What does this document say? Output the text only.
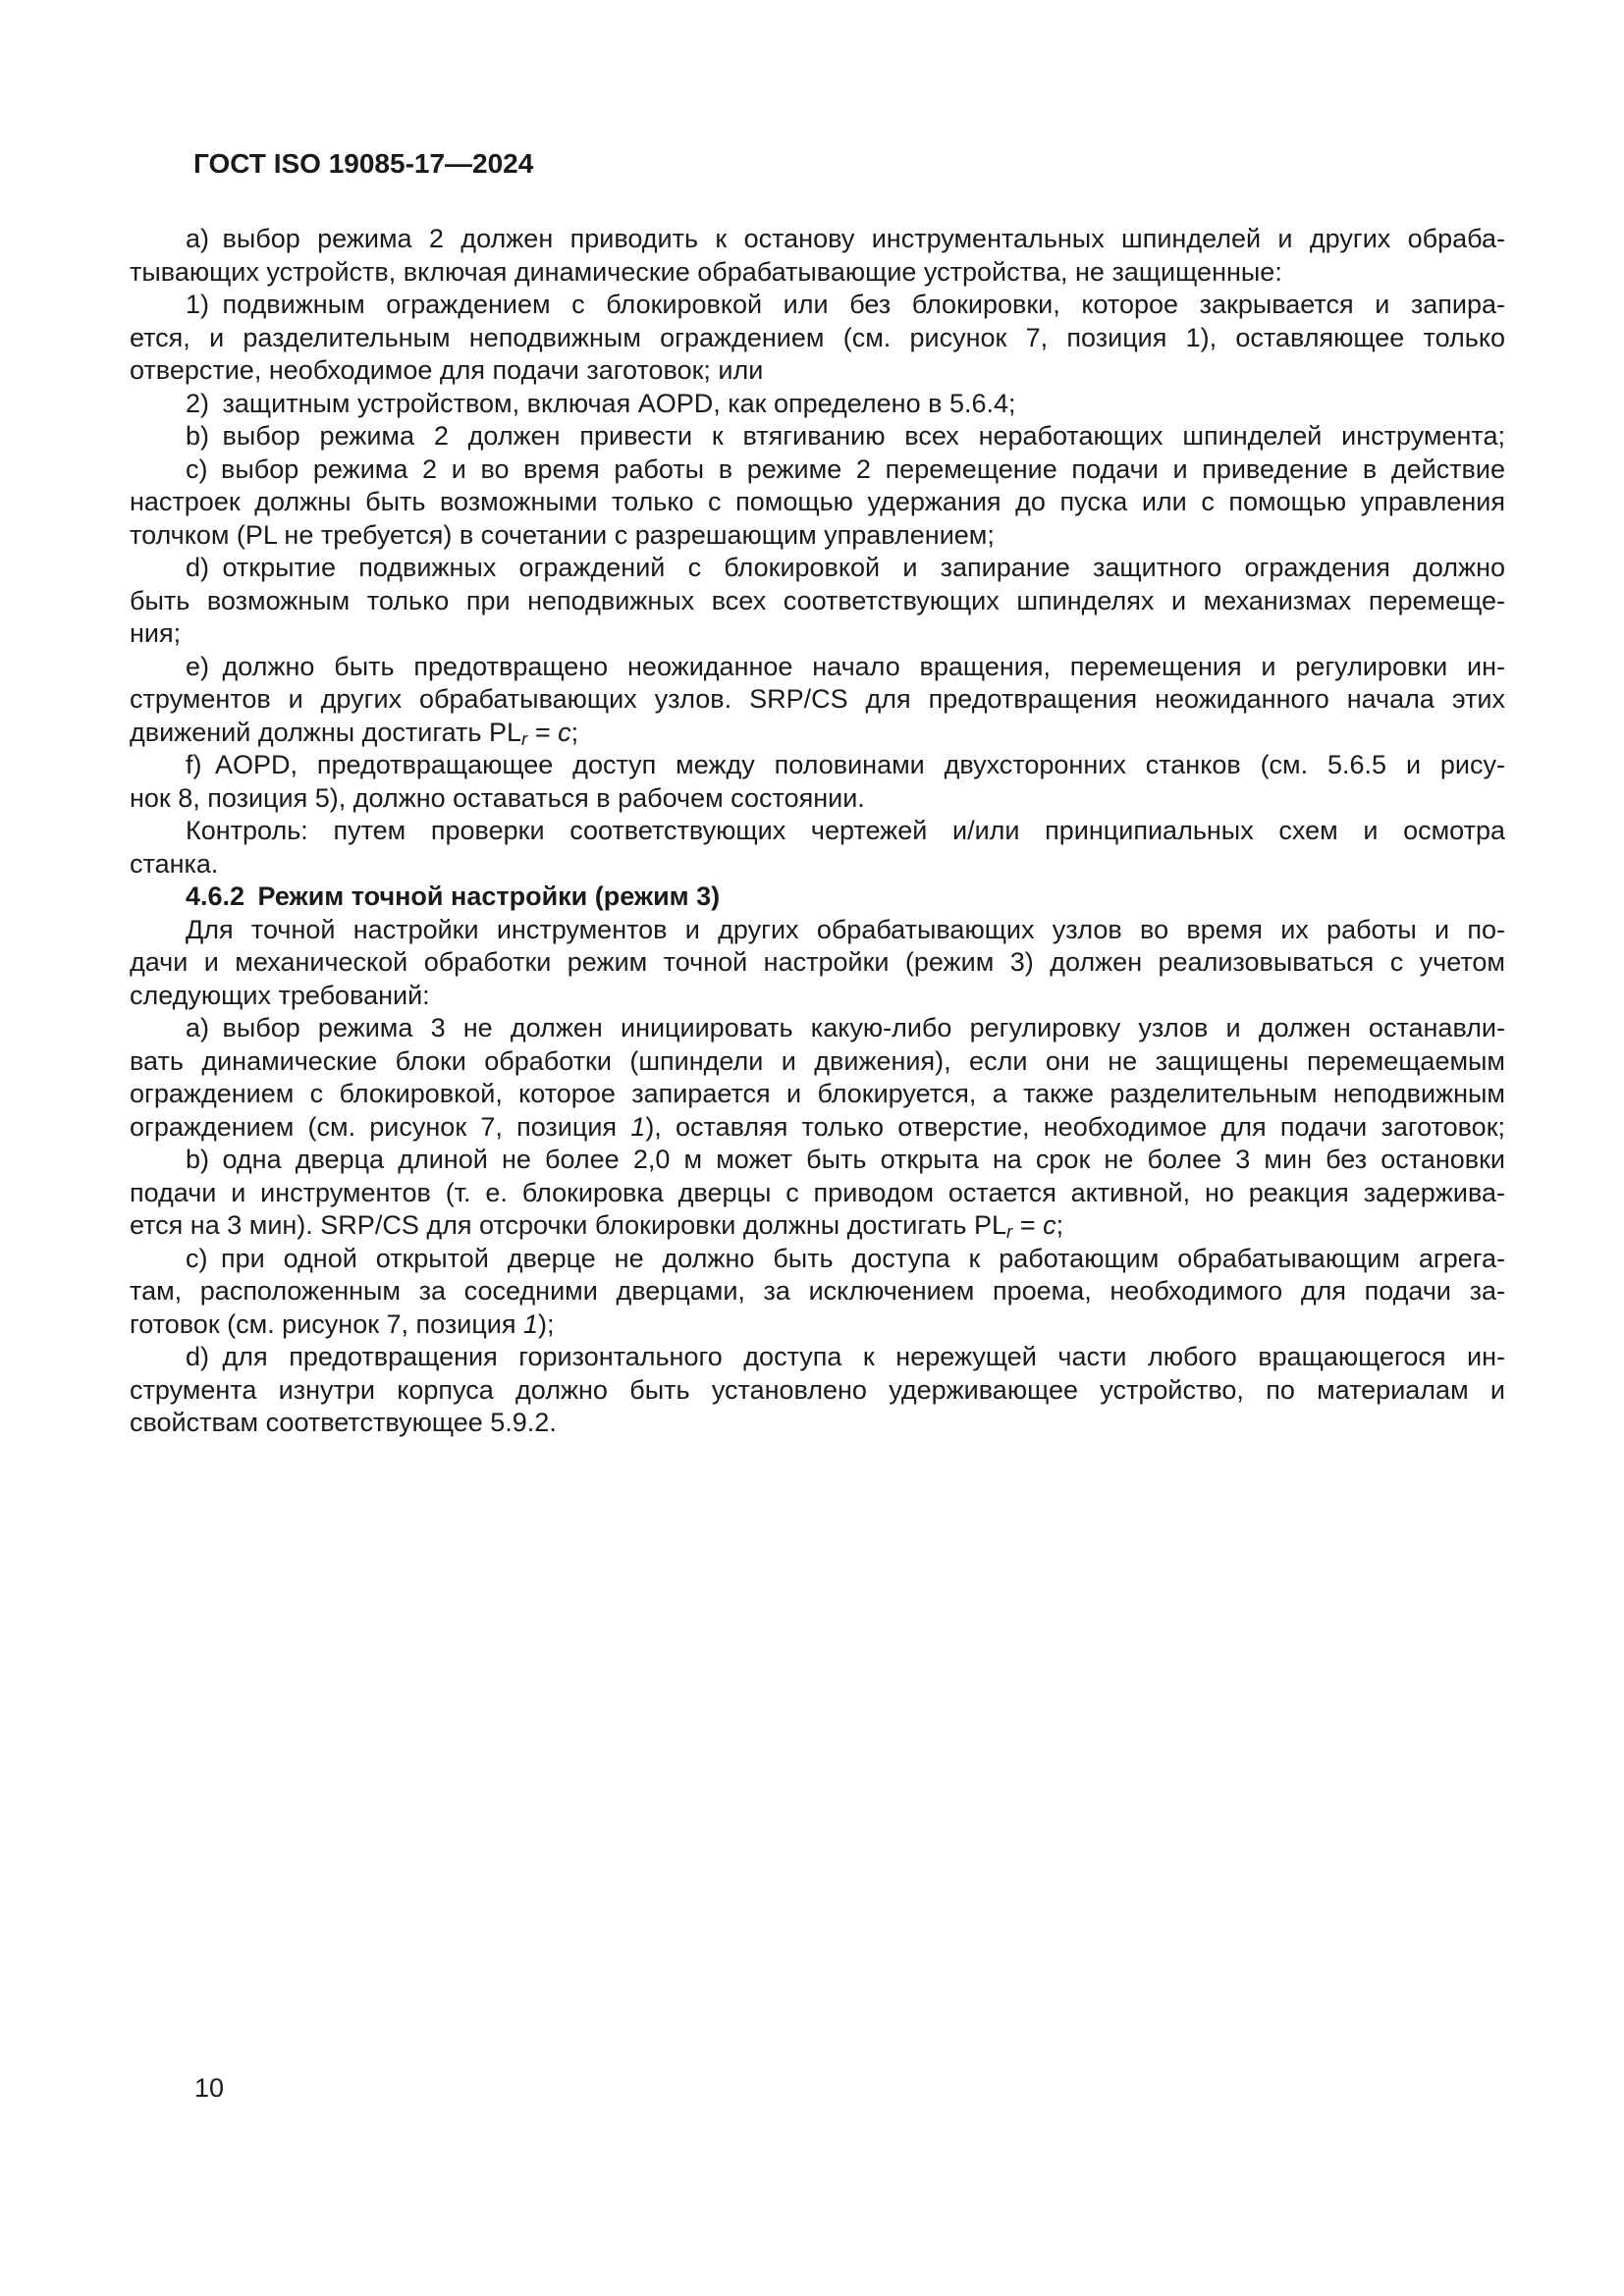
ГОСТ ISO 19085-17—2024
a) выбор режима 2 должен приводить к останову инструментальных шпинделей и других обраба-
тывающих устройств, включая динамические обрабатывающие устройства, не защищенные:
1) подвижным ограждением с блокировкой или без блокировки, которое закрывается и запира-
ется, и разделительным неподвижным ограждением (см. рисунок 7, позиция 1), оставляющее только
отверстие, необходимое для подачи заготовок; или
2) защитным устройством, включая AOPD, как определено в 5.6.4;
b) выбор режима 2 должен привести к втягиванию всех неработающих шпинделей инструмента;
c) выбор режима 2 и во время работы в режиме 2 перемещение подачи и приведение в действие
настроек должны быть возможными только с помощью удержания до пуска или с помощью управления
толчком (PL не требуется) в сочетании с разрешающим управлением;
d) открытие подвижных ограждений с блокировкой и запирание защитного ограждения должно
быть возможным только при неподвижных всех соответствующих шпинделях и механизмах перемеще-
ния;
e) должно быть предотвращено неожиданное начало вращения, перемещения и регулировки ин-
струментов и других обрабатывающих узлов. SRP/CS для предотвращения неожиданного начала этих
движений должны достигать $PL_r = c$;
f) AOPD, предотвращающее доступ между половинами двухсторонних станков (см. 5.6.5 и рису-
нок 8, позиция 5), должно оставаться в рабочем состоянии.
Контроль: путем проверки соответствующих чертежей и/или принципиальных схем и осмотра
станка.
4.6.2 Режим точной настройки (режим 3)
Для точной настройки инструментов и других обрабатывающих узлов во время их работы и по-
дачи и механической обработки режим точной настройки (режим 3) должен реализовываться с учетом
следующих требований:
a) выбор режима 3 не должен инициировать какую-либо регулировку узлов и должен останавли-
вать динамические блоки обработки (шпиндели и движения), если они не защищены перемещаемым
ограждением с блокировкой, которое запирается и блокируется, а также разделительным неподвижным
ограждением (см. рисунок 7, позиция 1), оставляя только отверстие, необходимое для подачи заготовок;
b) одна дверца длиной не более 2,0 м может быть открыта на срок не более 3 мин без остановки
подачи и инструментов (т. е. блокировка дверцы с приводом остается активной, но реакция задержива-
ется на 3 мин). SRP/CS для отсрочки блокировки должны достигать $PL_r = c$;
c) при одной открытой дверце не должно быть доступа к работающим обрабатывающим агрега-
там, расположенным за соседними дверцами, за исключением проема, необходимого для подачи за-
готовок (см. рисунок 7, позиция 1);
d) для предотвращения горизонтального доступа к нережущей части любого вращающегося ин-
струмента изнутри корпуса должно быть установлено удерживающее устройство, по материалам и
свойствам соответствующее 5.9.2.
10
